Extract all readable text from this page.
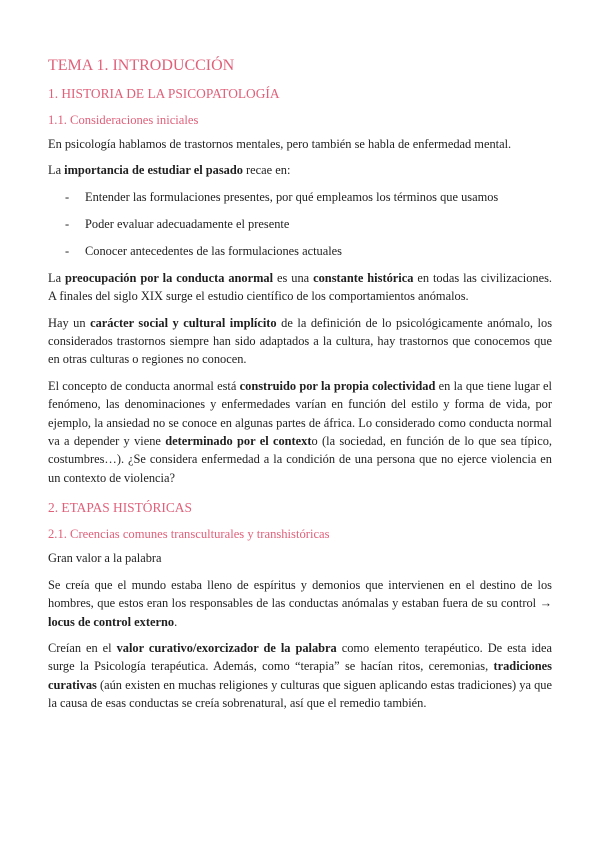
TEMA 1. INTRODUCCIÓN
1. HISTORIA DE LA PSICOPATOLOGÍA
1.1. Consideraciones iniciales

En psicología hablamos de trastornos mentales, pero también se habla de enfermedad mental.

La importancia de estudiar el pasado recae en:

- Entender las formulaciones presentes, por qué empleamos los términos que usamos
- Poder evaluar adecuadamente el presente
- Conocer antecedentes de las formulaciones actuales

La preocupación por la conducta anormal es una constante histórica en todas las civilizaciones. A finales del siglo XIX surge el estudio científico de los comportamientos anómalos.

Hay un carácter social y cultural implícito de la definición de lo psicológicamente anómalo, los considerados trastornos siempre han sido adaptados a la cultura, hay trastornos que conocemos que en otras culturas o regiones no conocen.

El concepto de conducta anormal está construido por la propia colectividad en la que tiene lugar el fenómeno, las denominaciones y enfermedades varían en función del estilo y forma de vida, por ejemplo, la ansiedad no se conoce en algunas partes de áfrica. Lo considerado como conducta normal va a depender y viene determinado por el contexto (la sociedad, en función de lo que sea típico, costumbres…). ¿Se considera enfermedad a la condición de una persona que no ejerce violencia en un contexto de violencia?

2. ETAPAS HISTÓRICAS
2.1. Creencias comunes transculturales y transhistóricas

Gran valor a la palabra

Se creía que el mundo estaba lleno de espíritus y demonios que intervienen en el destino de los hombres, que estos eran los responsables de las conductas anómalas y estaban fuera de su control → locus de control externo.

Creían en el valor curativo/exorcizador de la palabra como elemento terapéutico. De esta idea surge la Psicología terapéutica. Además, como “terapia” se hacían ritos, ceremonias, tradiciones curativas (aún existen en muchas religiones y culturas que siguen aplicando estas tradiciones) ya que la causa de esas conductas se creía sobrenatural, así que el remedio también.
